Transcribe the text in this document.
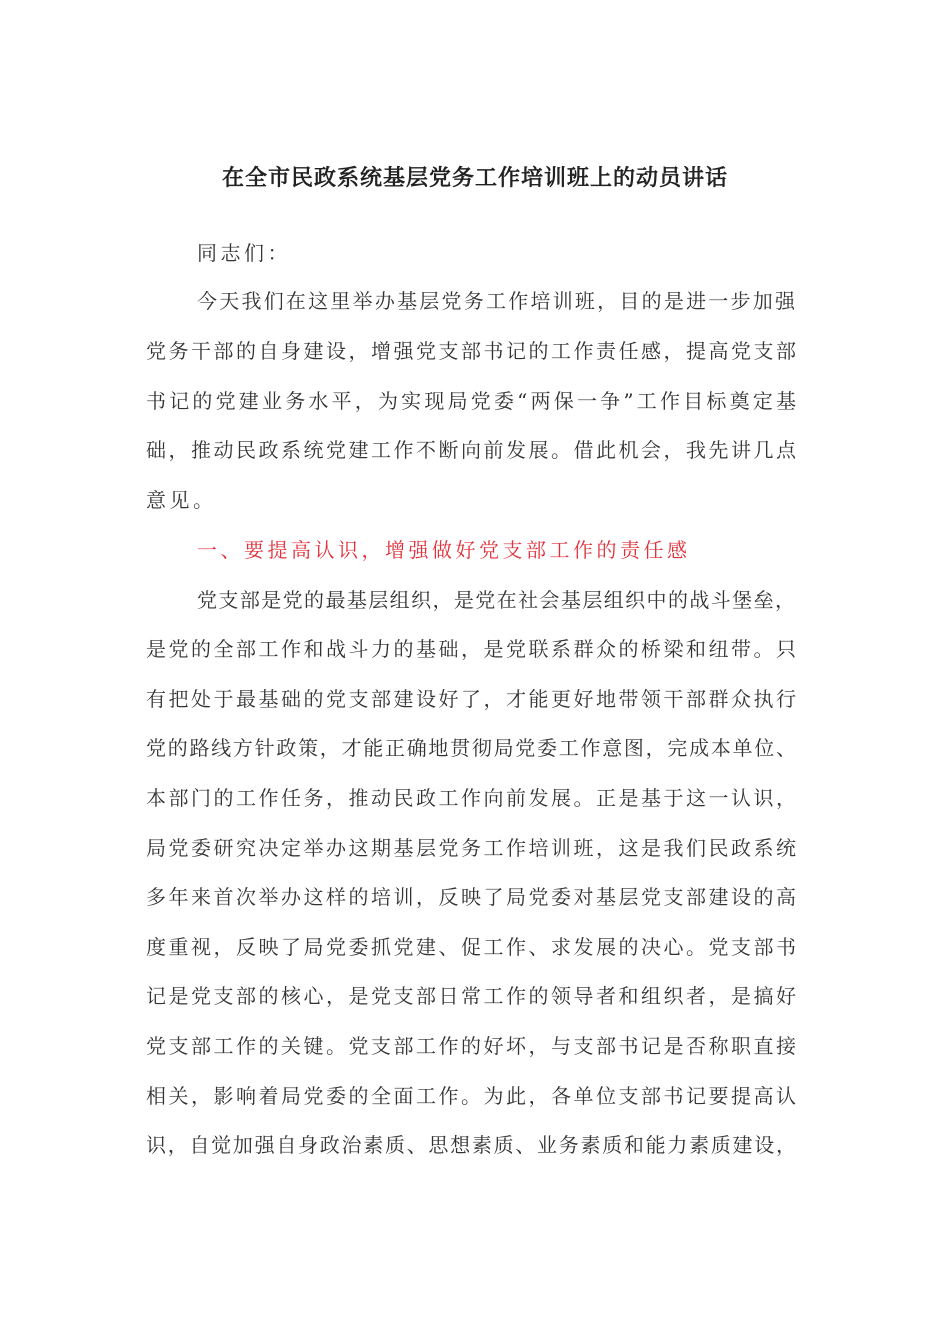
在全市民政系统基层党务工作培训班上的动员讲话
同志们：
今天我们在这里举办基层党务工作培训班，目的是进一步加强
党务干部的自身建设，增强党支部书记的工作责任感，提高党支部
书记的党建业务水平，为实现局党委“两保一争”工作目标奠定基
础，推动民政系统党建工作不断向前发展。借此机会，我先讲几点
意见。
一、要提高认识，增强做好党支部工作的责任感
党支部是党的最基层组织，是党在社会基层组织中的战斗堡垒，
是党的全部工作和战斗力的基础，是党联系群众的桥梁和纽带。只
有把处于最基础的党支部建设好了，才能更好地带领干部群众执行
党的路线方针政策，才能正确地贯彻局党委工作意图，完成本单位、
本部门的工作任务，推动民政工作向前发展。正是基于这一认识，
局党委研究决定举办这期基层党务工作培训班，这是我们民政系统
多年来首次举办这样的培训，反映了局党委对基层党支部建设的高
度重视，反映了局党委抓党建、促工作、求发展的决心。党支部书
记是党支部的核心，是党支部日常工作的领导者和组织者，是搞好
党支部工作的关键。党支部工作的好坏，与支部书记是否称职直接
相关，影响着局党委的全面工作。为此，各单位支部书记要提高认
识，自觉加强自身政治素质、思想素质、业务素质和能力素质建设，
